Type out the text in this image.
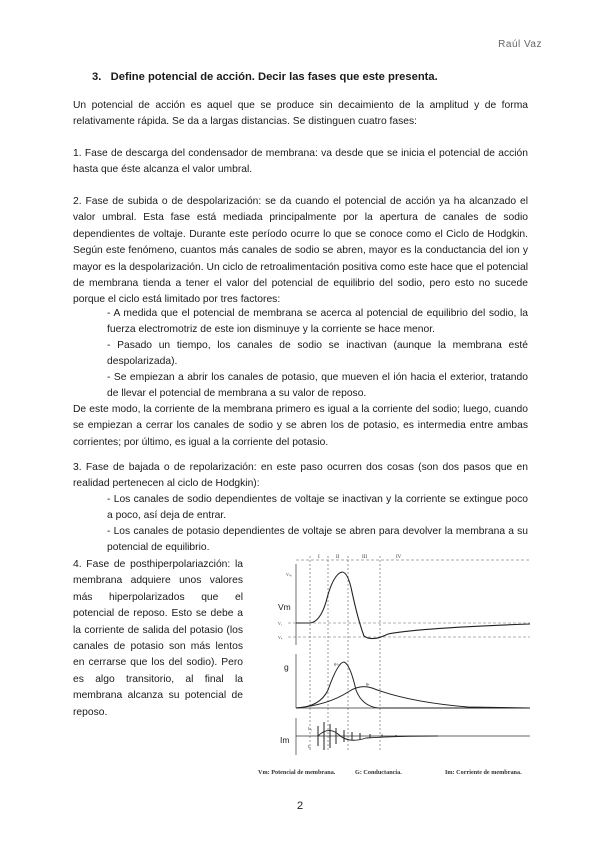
Raúl Vaz
3. Define potencial de acción. Decir las fases que este presenta.

Un potencial de acción es aquel que se produce sin decaimiento de la amplitud y de forma relativamente rápida. Se da a largas distancias. Se distinguen cuatro fases:

1. Fase de descarga del condensador de membrana: va desde que se inicia el potencial de acción hasta que éste alcanza el valor umbral.

2. Fase de subida o de despolarización: se da cuando el potencial de acción ya ha alcanzado el valor umbral. Esta fase está mediada principalmente por la apertura de canales de sodio dependientes de voltaje. Durante este período ocurre lo que se conoce como el Ciclo de Hodgkin. Según este fenómeno, cuantos más canales de sodio se abren, mayor es la conductancia del ion y mayor es la despolarización. Un ciclo de retroalimentación positiva como este hace que el potencial de membrana tienda a tener el valor del potencial de equilibrio del sodio, pero esto no sucede porque el ciclo está limitado por tres factores:

- A medida que el potencial de membrana se acerca al potencial de equilibrio del sodio, la fuerza electromotriz de este ion disminuye y la corriente se hace menor.

- Pasado un tiempo, los canales de sodio se inactivan (aunque la membrana esté despolarizada).

- Se empiezan a abrir los canales de potasio, que mueven el ión hacia el exterior, tratando de llevar el potencial de membrana a su valor de reposo.

De este modo, la corriente de la membrana primero es igual a la corriente del sodio; luego, cuando se empiezan a cerrar los canales de sodio y se abren los de potasio, es intermedia entre ambas corrientes; por último, es igual a la corriente del potasio.

3. Fase de bajada o de repolarización: en este paso ocurren dos cosas (son dos pasos que en realidad pertenecen al ciclo de Hodgkin):

- Los canales de sodio dependientes de voltaje se inactivan y la corriente se extingue poco a poco, así deja de entrar.

- Los canales de potasio dependientes de voltaje se abren para devolver la membrana a su potencial de equilibrio.

4. Fase de posthiperpolariazción: la membrana adquiere unos valores más hiperpolarizados que el potencial de reposo. Esto se debe a la corriente de salida del potasio (los canales de potasio son más lentos en cerrarse que los del sodio). Pero es algo transitorio, al final la membrana alcanza su potencial de reposo.

I	II	III	IV
Vm
Vₙₐ
Vᵣ
Vₖ
g	gₙₐ
gₖ
Im
Iₙₐ
Iₖ
Vm: Potencial de membrana.	G: Conductancia.	Im: Corriente de membrana.
2
